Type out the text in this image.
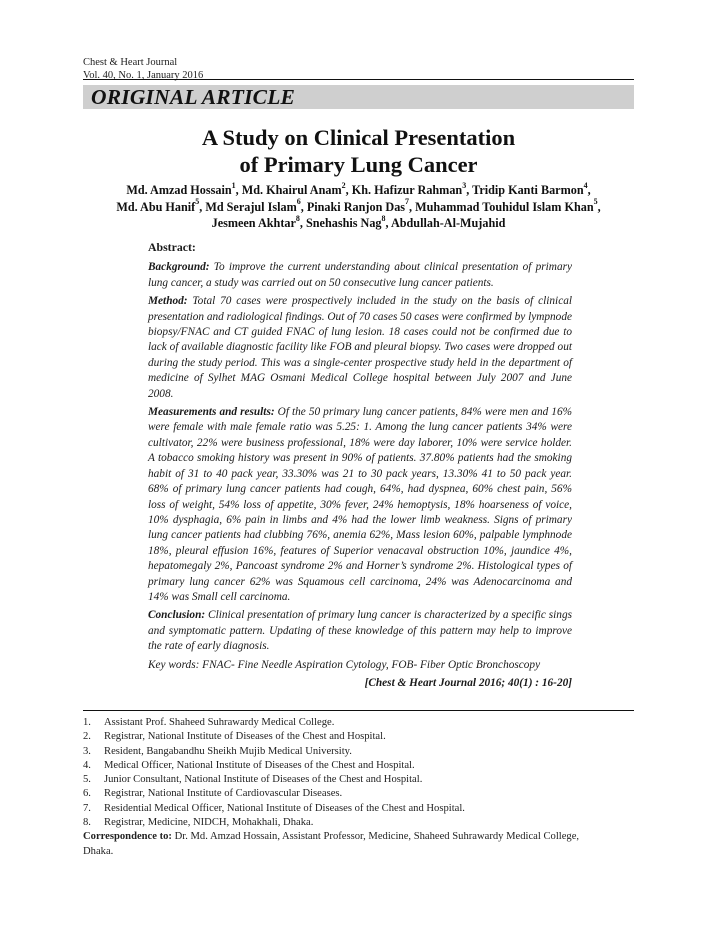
Chest & Heart Journal
Vol. 40, No. 1, January 2016
ORIGINAL ARTICLE
A Study on Clinical Presentation
of Primary Lung Cancer
Md. Amzad Hossain$^1$, Md. Khairul Anam$^2$, Kh. Hafizur Rahman$^3$, Tridip Kanti Barmon$^4$,
Md. Abu Hanif$^5$, Md Serajul Islam$^6$, Pinaki Ranjon Das$^7$, Muhammad Touhidul Islam Khan$^5$,
Jesmeen Akhtar$^8$, Snehashis Nag$^8$, Abdullah-Al-Mujahid
Abstract:

Background: To improve the current understanding about clinical presentation of primary lung cancer, a study was carried out on 50 consecutive lung cancer patients.

Method: Total 70 cases were prospectively included in the study on the basis of clinical presentation and radiological findings. Out of 70 cases 50 cases were confirmed by lympnode biopsy/FNAC and CT guided FNAC of lung lesion. 18 cases could not be confirmed due to lack of available diagnostic facility like FOB and pleural biopsy. Two cases were dropped out during the study period. This was a single-center prospective study held in the department of medicine of Sylhet MAG Osmani Medical College hospital between July 2007 and June 2008.

Measurements and results: Of the 50 primary lung cancer patients, 84% were men and 16% were female with male female ratio was 5.25: 1. Among the lung cancer patients 34% were cultivator, 22% were business professional, 18% were day laborer, 10% were service holder. A tobacco smoking history was present in 90% of patients. 37.80% patients had the smoking habit of 31 to 40 pack year, 33.30% was 21 to 30 pack years, 13.30% 41 to 50 pack year. 68% of primary lung cancer patients had cough, 64%, had dyspnea, 60% chest pain, 56% loss of weight, 54% loss of appetite, 30% fever, 24% hemoptysis, 18% hoarseness of voice, 10% dysphagia, 6% pain in limbs and 4% had the lower limb weakness. Signs of primary lung cancer patients had clubbing 76%, anemia 62%, Mass lesion 60%, palpable lymphnode 18%, pleural effusion 16%, features of Superior venacaval obstruction 10%, jaundice 4%, hepatomegaly 2%, Pancoast syndrome 2% and Horner’s syndrome 2%. Histological types of primary lung cancer 62% was Squamous cell carcinoma, 24% was Adenocarcinoma and 14% was Small cell carcinoma.

Conclusion: Clinical presentation of primary lung cancer is characterized by a specific sings and symptomatic pattern. Updating of these knowledge of this pattern may help to improve the rate of early diagnosis.

Key words: FNAC- Fine Needle Aspiration Cytology, FOB- Fiber Optic Bronchoscopy

[Chest & Heart Journal 2016; 40(1) : 16-20]

1.	Assistant Prof. Shaheed Suhrawardy Medical College.
2.	Registrar, National Institute of Diseases of the Chest and Hospital.
3.	Resident, Bangabandhu Sheikh Mujib Medical University.
4.	Medical Officer, National Institute of Diseases of the Chest and Hospital.
5.	Junior Consultant, National Institute of Diseases of the Chest and Hospital.
6.	Registrar, National Institute of Cardiovascular Diseases.
7.	Residential Medical Officer, National Institute of Diseases of the Chest and Hospital.
8.	Registrar, Medicine, NIDCH, Mohakhali, Dhaka.
Correspondence to: Dr. Md. Amzad Hossain, Assistant Professor, Medicine, Shaheed Suhrawardy Medical College,
Dhaka.
